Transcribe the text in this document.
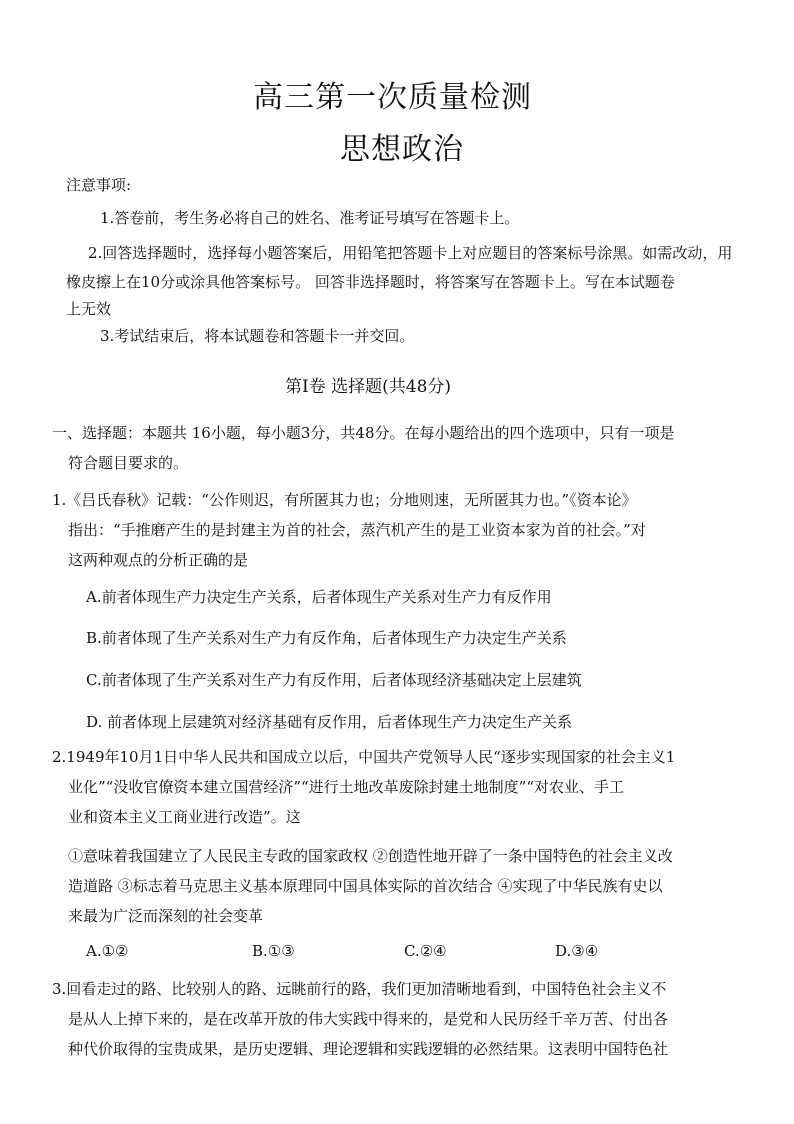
高三第一次质量检测
思想政治
注意事项:
1.答卷前，考生务必将自己的姓名、准考证号填写在答题卡上。
2.回答选择题时，选择每小题答案后，用铅笔把答题卡上对应题目的答案标号涂黑。如需改动，用
橡皮擦上在10分或涂具他答案标号。 回答非选择题时，将答案写在答题卡上。写在本试题卷
上无效
3.考试结束后，将本试题卷和答题卡一并交回。
第Ⅰ卷 选择题(共48分)
一、选择题：本题共 16小题，每小题3分，共48分。在每小题给出的四个选项中，只有一项是
符合题目要求的。
1.《吕氏春秋》记载：“公作则迟，有所匿其力也；分地则速，无所匿其力也。”《资本论》
指出：“手推磨产生的是封建主为首的社会，蒸汽机产生的是工业资本家为首的社会。”对
这两种观点的分析正确的是
A.前者体现生产力决定生产关系，后者体现生产关系对生产力有反作用
B.前者体现了生产关系对生产力有反作角，后者体现生产力决定生产关系
C.前者体现了生产关系对生产力有反作用，后者体现经济基础决定上层建筑
D. 前者体现上层建筑对经济基础有反作用，后者体现生产力决定生产关系
2.1949年10月1日中华人民共和国成立以后，中国共产党领导人民“逐步实现国家的社会主义1
业化”“没收官僚资本建立国营经济”“进行土地改革废除封建土地制度”“对农业、手工
业和资本主义工商业进行改造”。这
①意味着我国建立了人民民主专政的国家政权 ②创造性地开辟了一条中国特色的社会主义改
造道路 ③标志着马克思主义基本原理同中国具体实际的首次结合 ④实现了中华民族有史以
来最为广泛而深刻的社会变革
A.①②	B.①③	C.②④	D.③④
3.回看走过的路、比较别人的路、远眺前行的路，我们更加清晰地看到，中国特色社会主义不
是从人上掉下来的，是在改革开放的伟大实践中得来的，是党和人民历经千辛万苦、付出各
种代价取得的宝贵成果，是历史逻辑、理论逻辑和实践逻辑的必然结果。这表明中国特色社
